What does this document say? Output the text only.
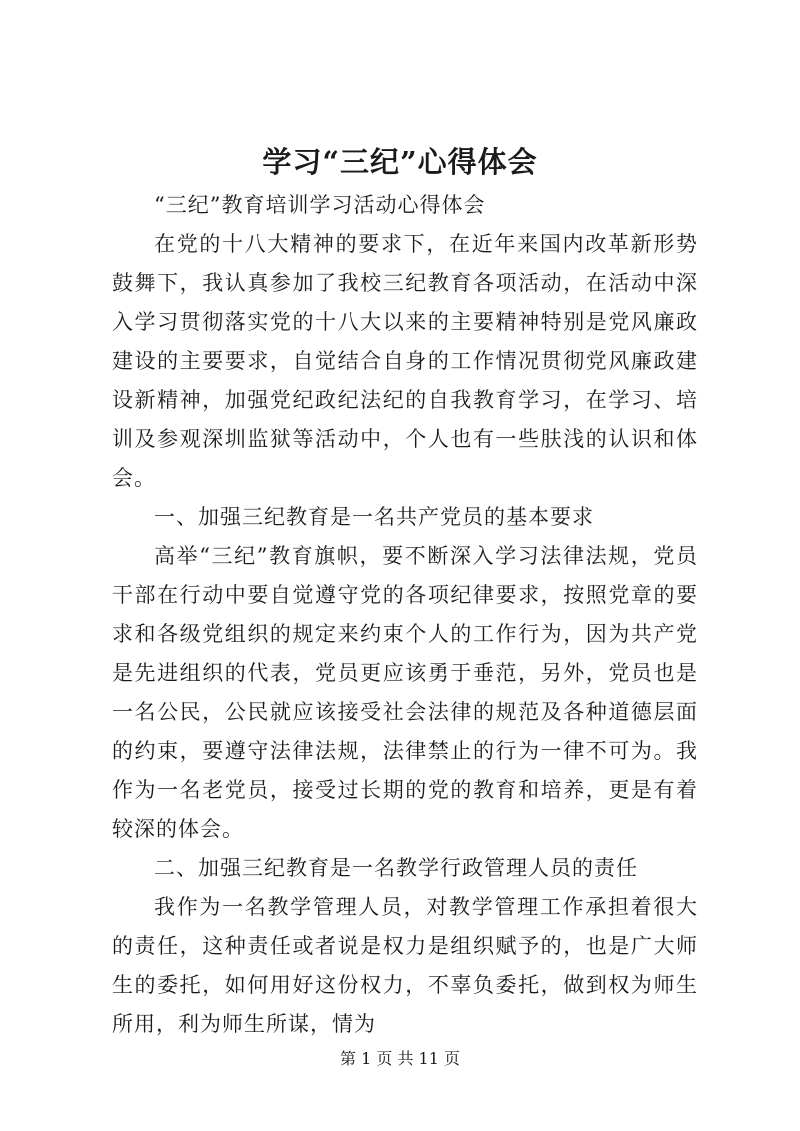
学习“三纪”心得体会

“三纪”教育培训学习活动心得体会

在党的十八大精神的要求下，在近年来国内改革新形势鼓舞下，我认真参加了我校三纪教育各项活动，在活动中深入学习贯彻落实党的十八大以来的主要精神特别是党风廉政建设的主要要求，自觉结合自身的工作情况贯彻党风廉政建设新精神，加强党纪政纪法纪的自我教育学习，在学习、培训及参观深圳监狱等活动中，个人也有一些肤浅的认识和体会。

一、加强三纪教育是一名共产党员的基本要求

高举“三纪”教育旗帜，要不断深入学习法律法规，党员干部在行动中要自觉遵守党的各项纪律要求，按照党章的要求和各级党组织的规定来约束个人的工作行为，因为共产党是先进组织的代表，党员更应该勇于垂范，另外，党员也是一名公民，公民就应该接受社会法律的规范及各种道德层面的约束，要遵守法律法规，法律禁止的行为一律不可为。我作为一名老党员，接受过长期的党的教育和培养，更是有着较深的体会。

二、加强三纪教育是一名教学行政管理人员的责任

我作为一名教学管理人员，对教学管理工作承担着很大的责任，这种责任或者说是权力是组织赋予的，也是广大师生的委托，如何用好这份权力，不辜负委托，做到权为师生所用，利为师生所谋，情为

第 1 页 共 11 页
